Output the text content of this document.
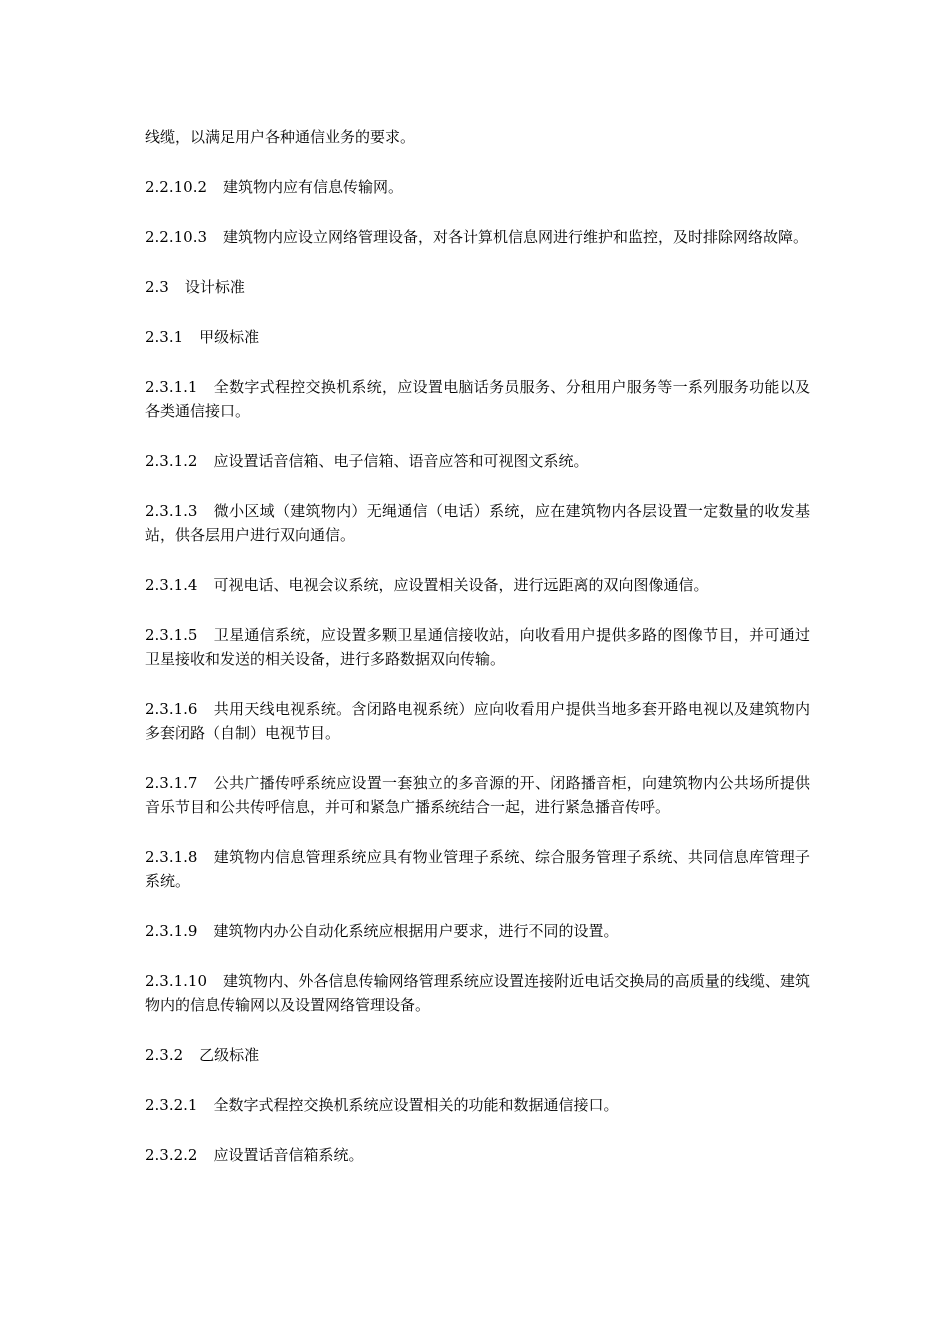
线缆，以满足用户各种通信业务的要求。

2.2.10.2 建筑物内应有信息传输网。

2.2.10.3 建筑物内应设立网络管理设备，对各计算机信息网进行维护和监控，及时排除网络故障。

2.3 设计标准

2.3.1 甲级标准

2.3.1.1 全数字式程控交换机系统，应设置电脑话务员服务、分租用户服务等一系列服务功能以及各类通信接口。

2.3.1.2 应设置话音信箱、电子信箱、语音应答和可视图文系统。

2.3.1.3 微小区域（建筑物内）无绳通信（电话）系统，应在建筑物内各层设置一定数量的收发基站，供各层用户进行双向通信。

2.3.1.4 可视电话、电视会议系统，应设置相关设备，进行远距离的双向图像通信。

2.3.1.5 卫星通信系统，应设置多颗卫星通信接收站，向收看用户提供多路的图像节目，并可通过卫星接收和发送的相关设备，进行多路数据双向传输。

2.3.1.6 共用天线电视系统。含闭路电视系统）应向收看用户提供当地多套开路电视以及建筑物内多套闭路（自制）电视节目。

2.3.1.7 公共广播传呼系统应设置一套独立的多音源的开、闭路播音柜，向建筑物内公共场所提供音乐节目和公共传呼信息，并可和紧急广播系统结合一起，进行紧急播音传呼。

2.3.1.8 建筑物内信息管理系统应具有物业管理子系统、综合服务管理子系统、共同信息库管理子系统。

2.3.1.9 建筑物内办公自动化系统应根据用户要求，进行不同的设置。

2.3.1.10 建筑物内、外各信息传输网络管理系统应设置连接附近电话交换局的高质量的线缆、建筑物内的信息传输网以及设置网络管理设备。

2.3.2 乙级标准

2.3.2.1 全数字式程控交换机系统应设置相关的功能和数据通信接口。

2.3.2.2 应设置话音信箱系统。
